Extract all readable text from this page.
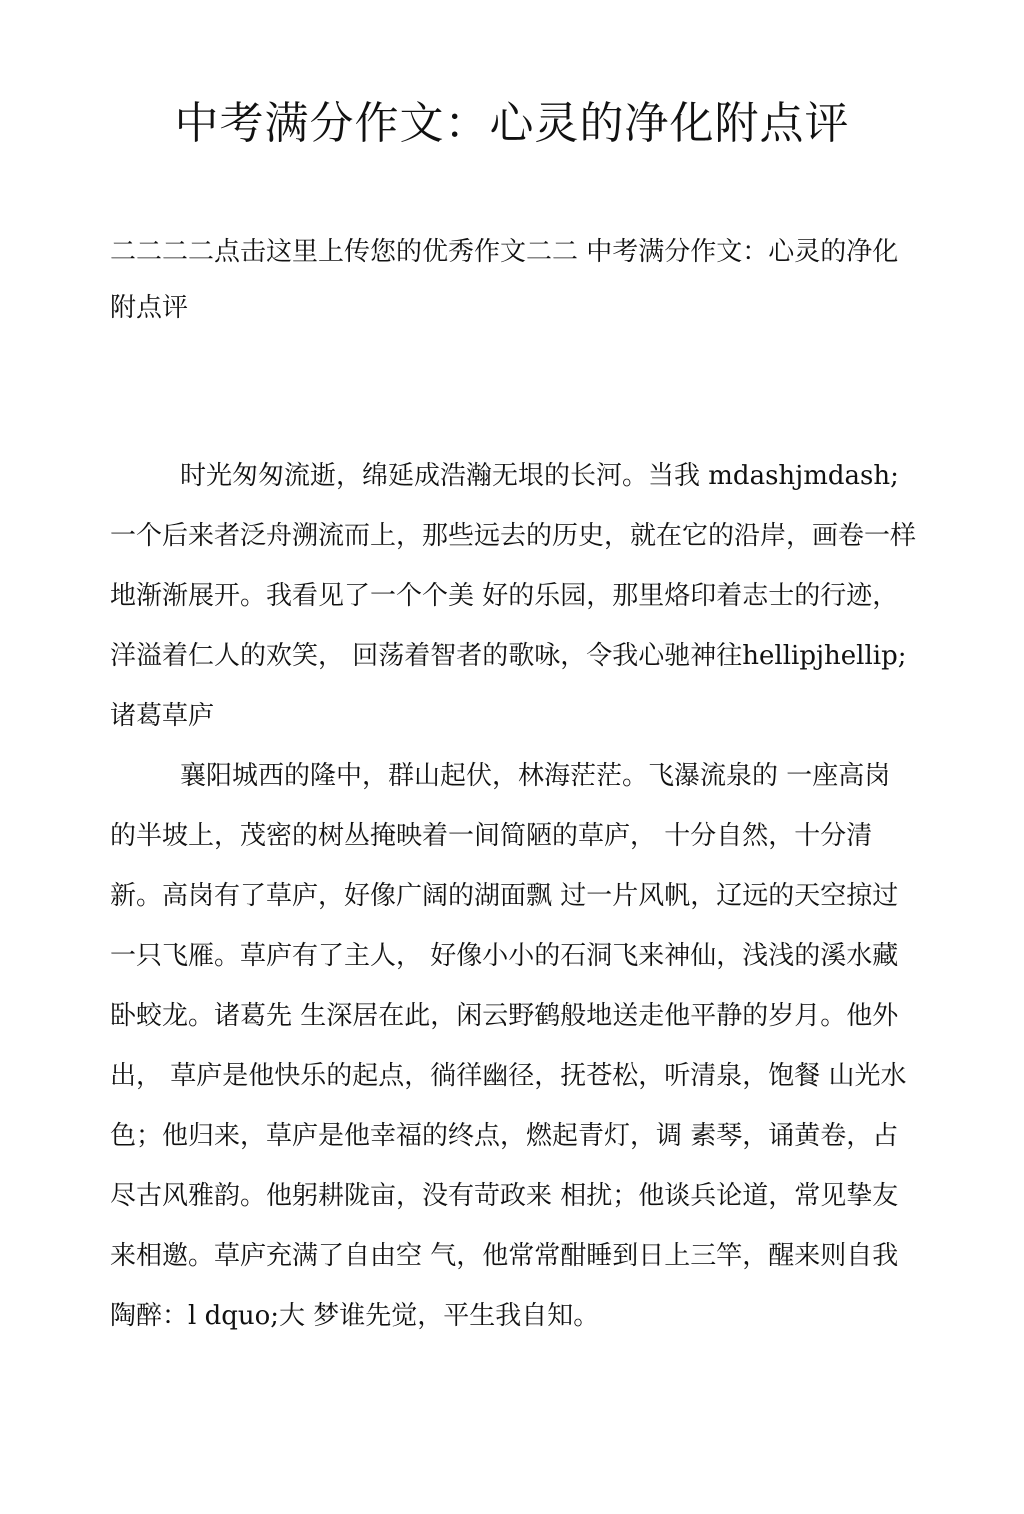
中考满分作文：心灵的净化附点评

二二二二点击这里上传您的优秀作文二二 中考满分作文：心灵的净化附点评

时光匆匆流逝，绵延成浩瀚无垠的长河。当我 mdashjmdash; 一个后来者泛舟溯流而上，那些远去的历史，就在它的沿岸，画卷一样地渐渐展开。我看见了一个个美 好的乐园，那里烙印着志士的行迹，洋溢着仁人的欢笑， 回荡着智者的歌咏，令我心驰神往hellipjhellip;

诸葛草庐

襄阳城西的隆中，群山起伏，林海茫茫。飞瀑流泉的 一座高岗的半坡上，茂密的树丛掩映着一间简陋的草庐， 十分自然，十分清新。高岗有了草庐，好像广阔的湖面飘 过一片风帆，辽远的天空掠过一只飞雁。草庐有了主人， 好像小小的石洞飞来神仙，浅浅的溪水藏卧蛟龙。诸葛先 生深居在此，闲云野鹤般地送走他平静的岁月。他外出， 草庐是他快乐的起点，徜徉幽径，抚苍松，听清泉，饱餐 山光水色；他归来，草庐是他幸福的终点，燃起青灯，调 素琴，诵黄卷，占尽古风雅韵。他躬耕陇亩，没有苛政来 相扰；他谈兵论道，常见挚友来相邀。草庐充满了自由空 气，他常常酣睡到日上三竿，醒来则自我陶醉：l dquo;大 梦谁先觉，平生我自知。
